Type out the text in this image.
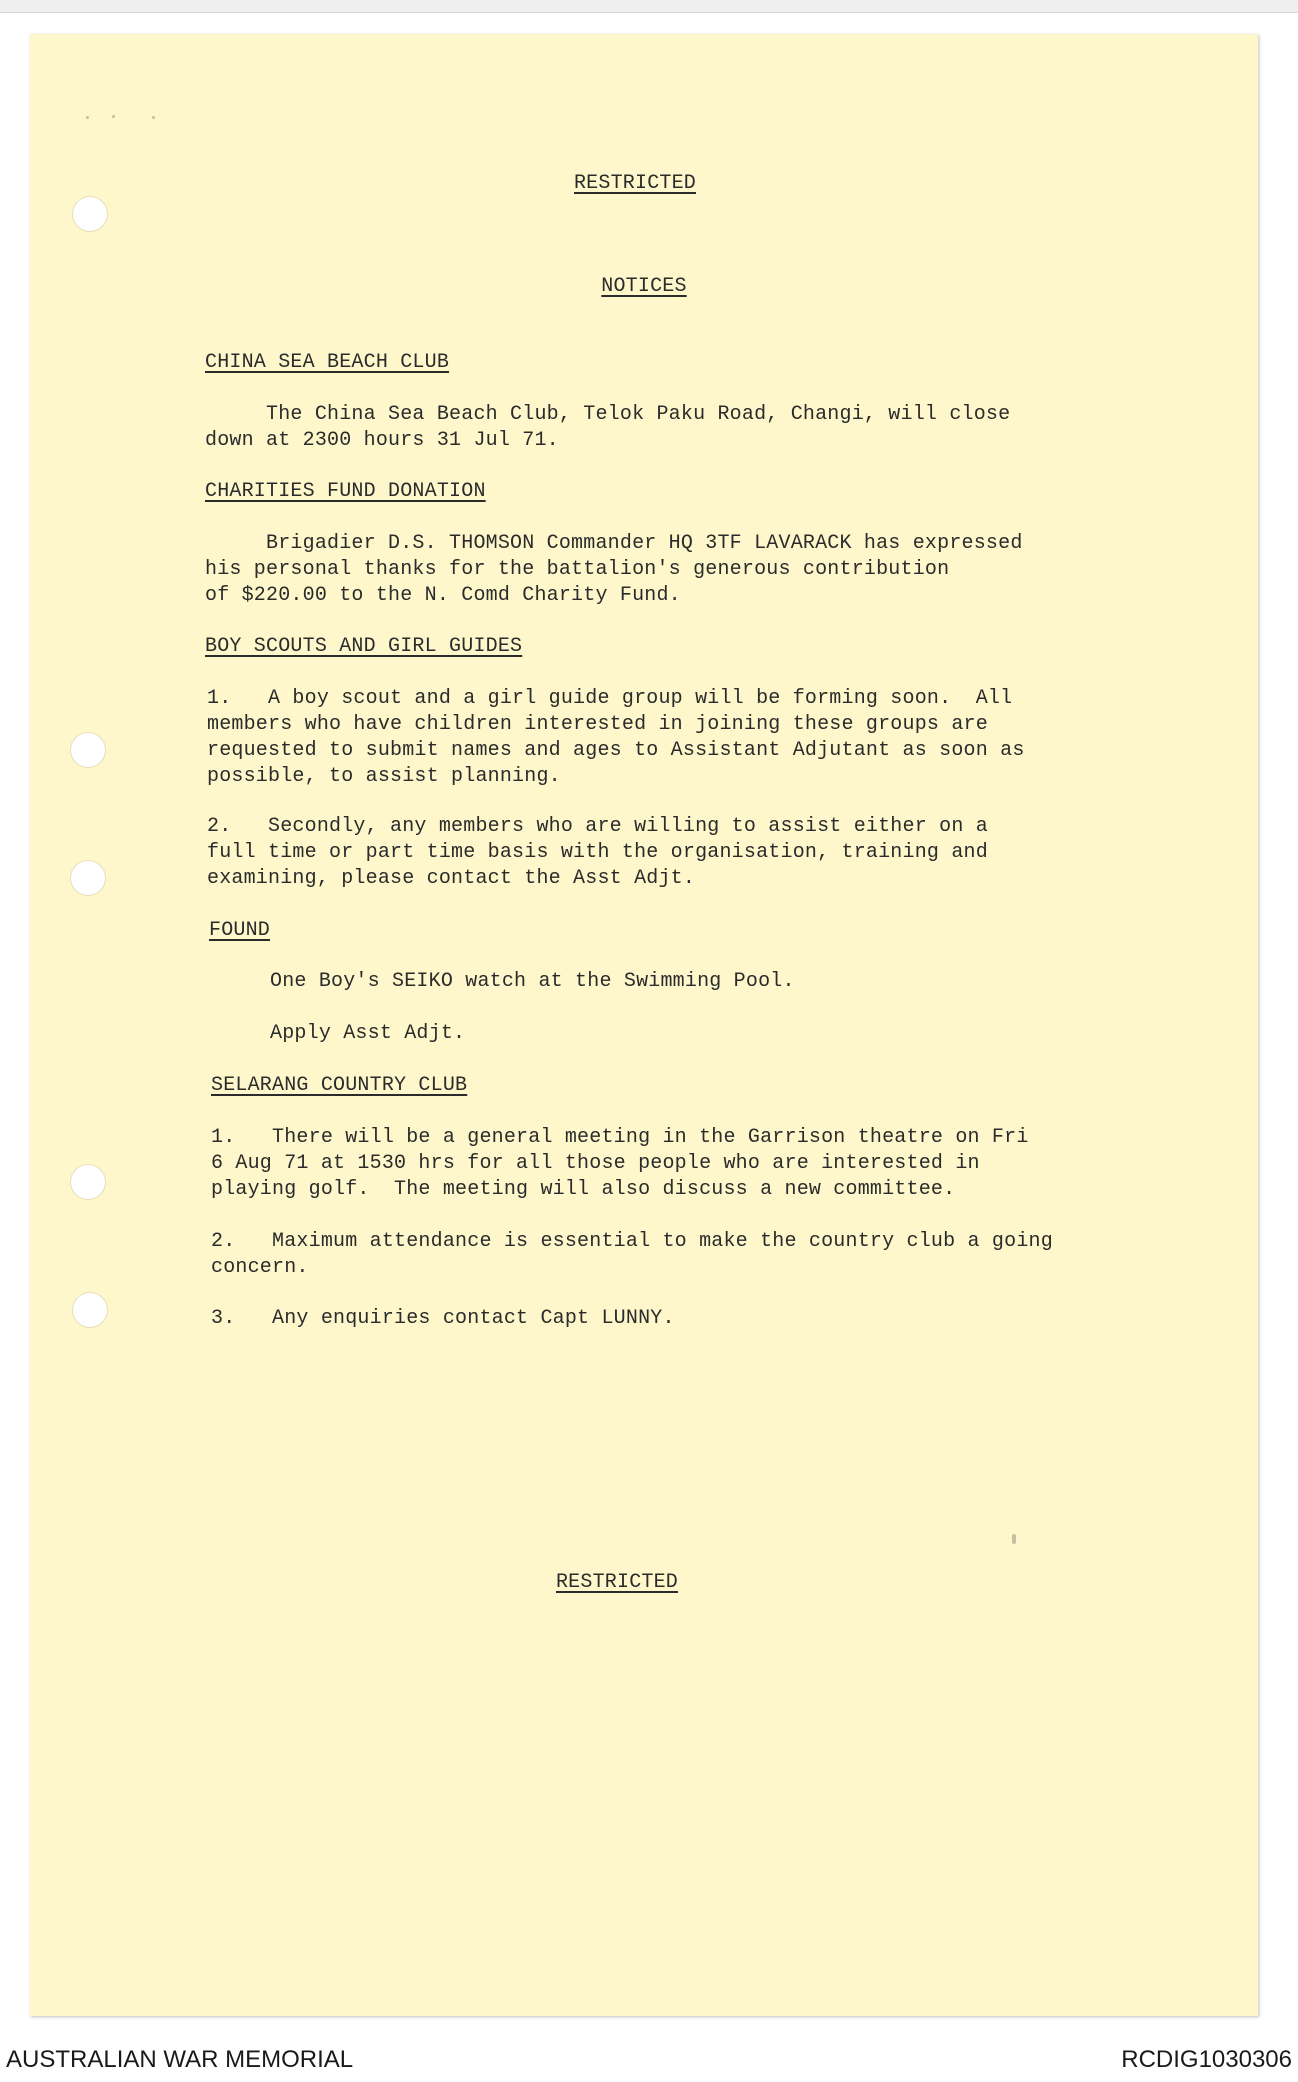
RESTRICTED
NOTICES
CHINA SEA BEACH CLUB
The China Sea Beach Club, Telok Paku Road, Changi, will close
down at 2300 hours 31 Jul 71.
CHARITIES FUND DONATION
Brigadier D.S. THOMSON Commander HQ 3TF LAVARACK has expressed
his personal thanks for the battalion's generous contribution
of $220.00 to the N. Comd Charity Fund.
BOY SCOUTS AND GIRL GUIDES
1.   A boy scout and a girl guide group will be forming soon.  All
members who have children interested in joining these groups are
requested to submit names and ages to Assistant Adjutant as soon as
possible, to assist planning.
2.   Secondly, any members who are willing to assist either on a
full time or part time basis with the organisation, training and
examining, please contact the Asst Adjt.
FOUND
One Boy's SEIKO watch at the Swimming Pool.
Apply Asst Adjt.
SELARANG COUNTRY CLUB
1.   There will be a general meeting in the Garrison theatre on Fri
6 Aug 71 at 1530 hrs for all those people who are interested in
playing golf.  The meeting will also discuss a new committee.
2.   Maximum attendance is essential to make the country club a going
concern.
3.   Any enquiries contact Capt LUNNY.
RESTRICTED
AUSTRALIAN WAR MEMORIAL	RCDIG1030306
